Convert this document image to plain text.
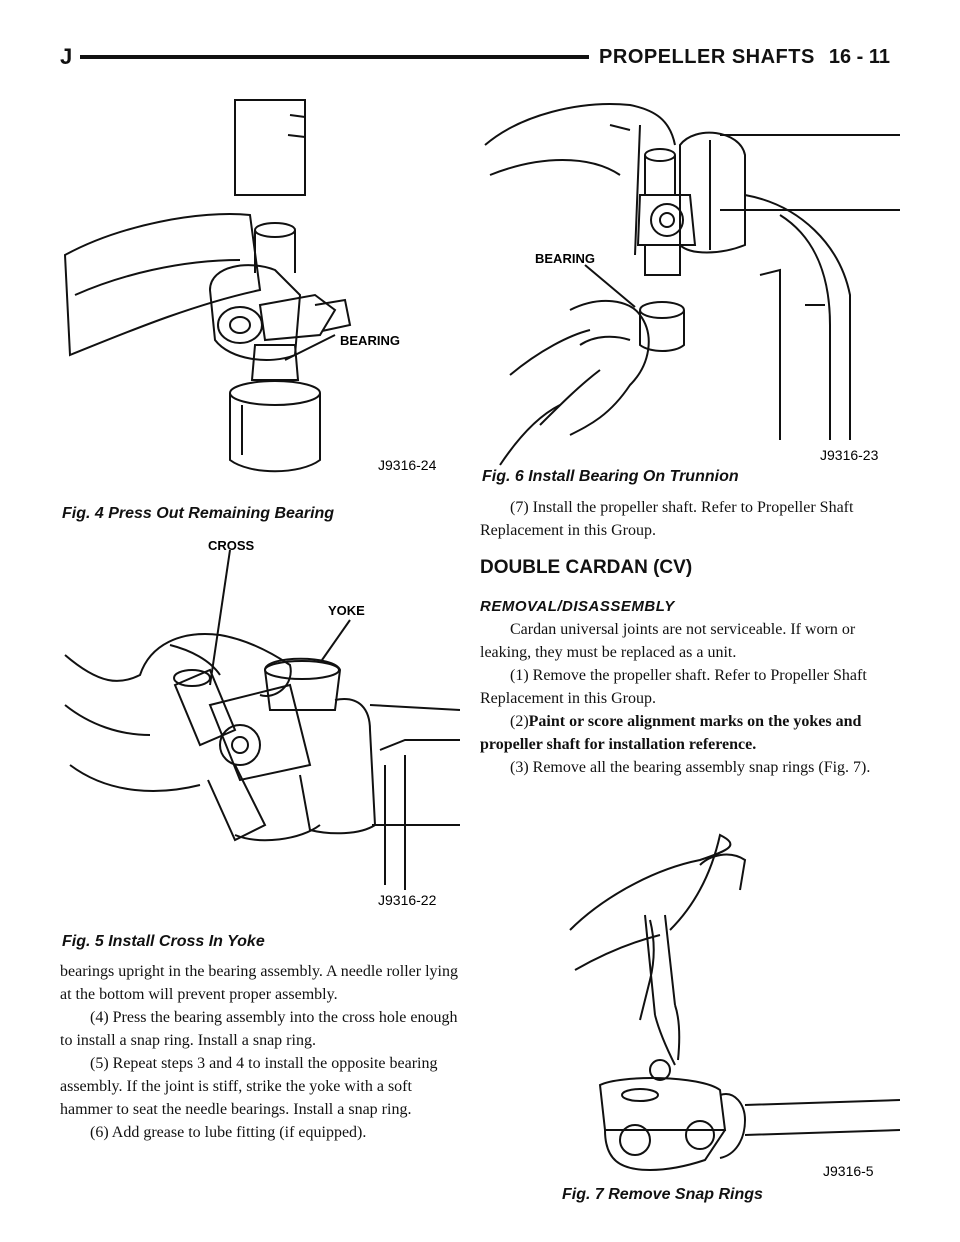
J	PROPELLER SHAFTS 16 - 11
BEARING
J9316-24
Fig. 4 Press Out Remaining Bearing
CROSS
YOKE
J9316-22
Fig. 5 Install Cross In Yoke

bearings upright in the bearing assembly. A needle roller lying at the bottom will prevent proper assembly.

(4) Press the bearing assembly into the cross hole enough to install a snap ring. Install a snap ring.

(5) Repeat steps 3 and 4 to install the opposite bearing assembly. If the joint is stiff, strike the yoke with a soft hammer to seat the needle bearings. Install a snap ring.

(6) Add grease to lube fitting (if equipped).

BEARING
J9316-23
Fig. 6 Install Bearing On Trunnion

(7) Install the propeller shaft. Refer to Propeller Shaft Replacement in this Group.

DOUBLE CARDAN (CV)
REMOVAL/DISASSEMBLY

Cardan universal joints are not serviceable. If worn or leaking, they must be replaced as a unit.

(1) Remove the propeller shaft. Refer to Propeller Shaft Replacement in this Group.

(2)Paint or score alignment marks on the yokes and propeller shaft for installation reference.

(3) Remove all the bearing assembly snap rings (Fig. 7).

J9316-5
Fig. 7 Remove Snap Rings
